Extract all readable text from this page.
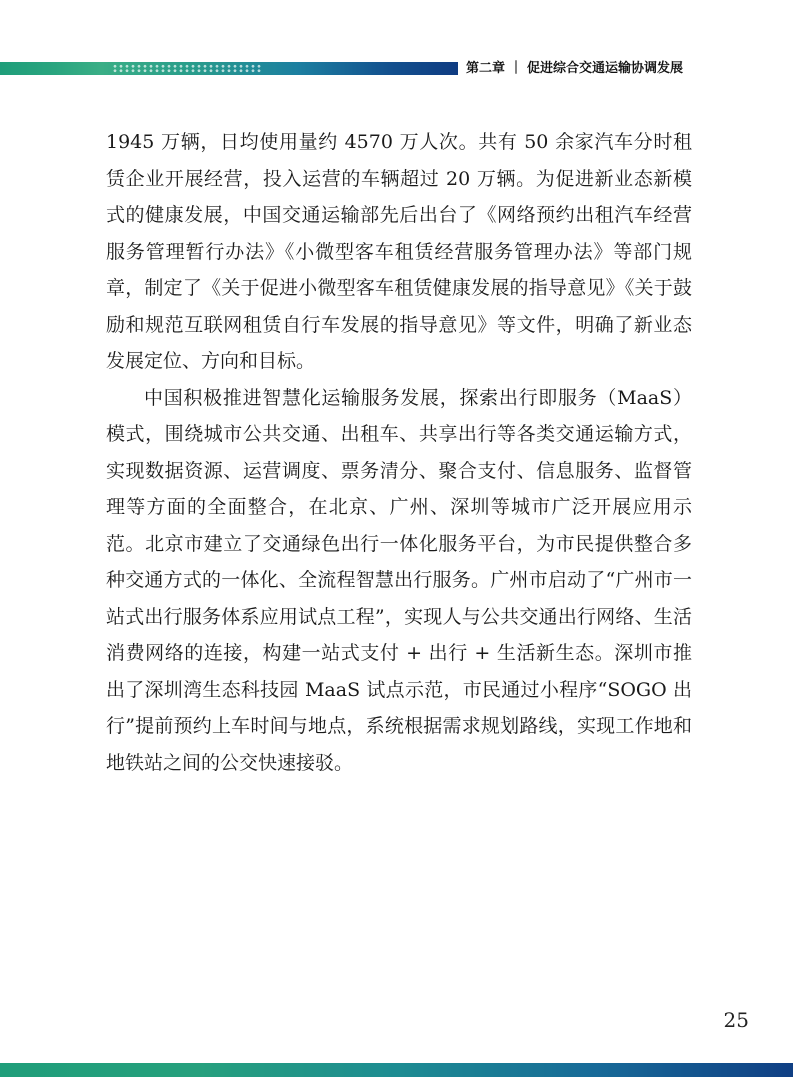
第二章 ｜ 促进综合交通运输协调发展

1945 万辆，日均使用量约 4570 万人次。共有 50 余家汽车分时租赁企业开展经营，投入运营的车辆超过 20 万辆。为促进新业态新模式的健康发展，中国交通运输部先后出台了《网络预约出租汽车经营服务管理暂行办法》《小微型客车租赁经营服务管理办法》等部门规章，制定了《关于促进小微型客车租赁健康发展的指导意见》《关于鼓励和规范互联网租赁自行车发展的指导意见》等文件，明确了新业态发展定位、方向和目标。

中国积极推进智慧化运输服务发展，探索出行即服务（MaaS）模式，围绕城市公共交通、出租车、共享出行等各类交通运输方式，实现数据资源、运营调度、票务清分、聚合支付、信息服务、监督管理等方面的全面整合，在北京、广州、深圳等城市广泛开展应用示范。北京市建立了交通绿色出行一体化服务平台，为市民提供整合多种交通方式的一体化、全流程智慧出行服务。广州市启动了“广州市一站式出行服务体系应用试点工程”，实现人与公共交通出行网络、生活消费网络的连接，构建一站式支付 + 出行 + 生活新生态。深圳市推出了深圳湾生态科技园 MaaS 试点示范，市民通过小程序“SOGO 出行”提前预约上车时间与地点，系统根据需求规划路线，实现工作地和地铁站之间的公交快速接驳。

25
